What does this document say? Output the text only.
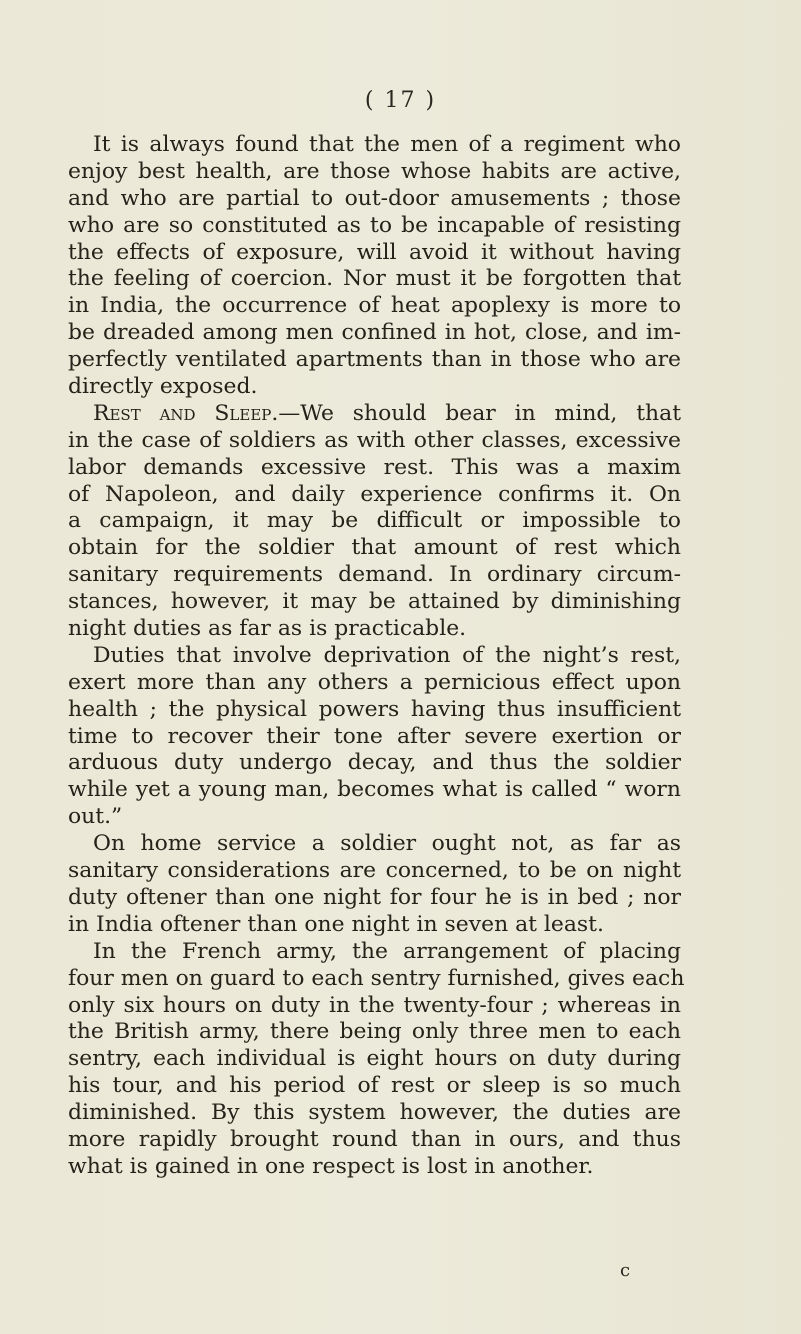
( 17 )
It is always found that the men of a regiment who
enjoy best health, are those whose habits are active,
and who are partial to out-door amusements ; those
who are so constituted as to be incapable of resisting
the effects of exposure, will avoid it without having
the feeling of coercion. Nor must it be forgotten that
in India, the occurrence of heat apoplexy is more to
be dreaded among men confined in hot, close, and im-
perfectly ventilated apartments than in those who are
directly exposed.
Rest and Sleep.—We should bear in mind, that
in the case of soldiers as with other classes, excessive
labor demands excessive rest. This was a maxim
of Napoleon, and daily experience confirms it. On
a campaign, it may be difficult or impossible to
obtain for the soldier that amount of rest which
sanitary requirements demand. In ordinary circum-
stances, however, it may be attained by diminishing
night duties as far as is practicable.
Duties that involve deprivation of the night’s rest,
exert more than any others a pernicious effect upon
health ; the physical powers having thus insufficient
time to recover their tone after severe exertion or
arduous duty undergo decay, and thus the soldier
while yet a young man, becomes what is called “ worn
out.”
On home service a soldier ought not, as far as
sanitary considerations are concerned, to be on night
duty oftener than one night for four he is in bed ; nor
in India oftener than one night in seven at least.
In the French army, the arrangement of placing
four men on guard to each sentry furnished, gives each
only six hours on duty in the twenty-four ; whereas in
the British army, there being only three men to each
sentry, each individual is eight hours on duty during
his tour, and his period of rest or sleep is so much
diminished. By this system however, the duties are
more rapidly brought round than in ours, and thus
what is gained in one respect is lost in another.
c
